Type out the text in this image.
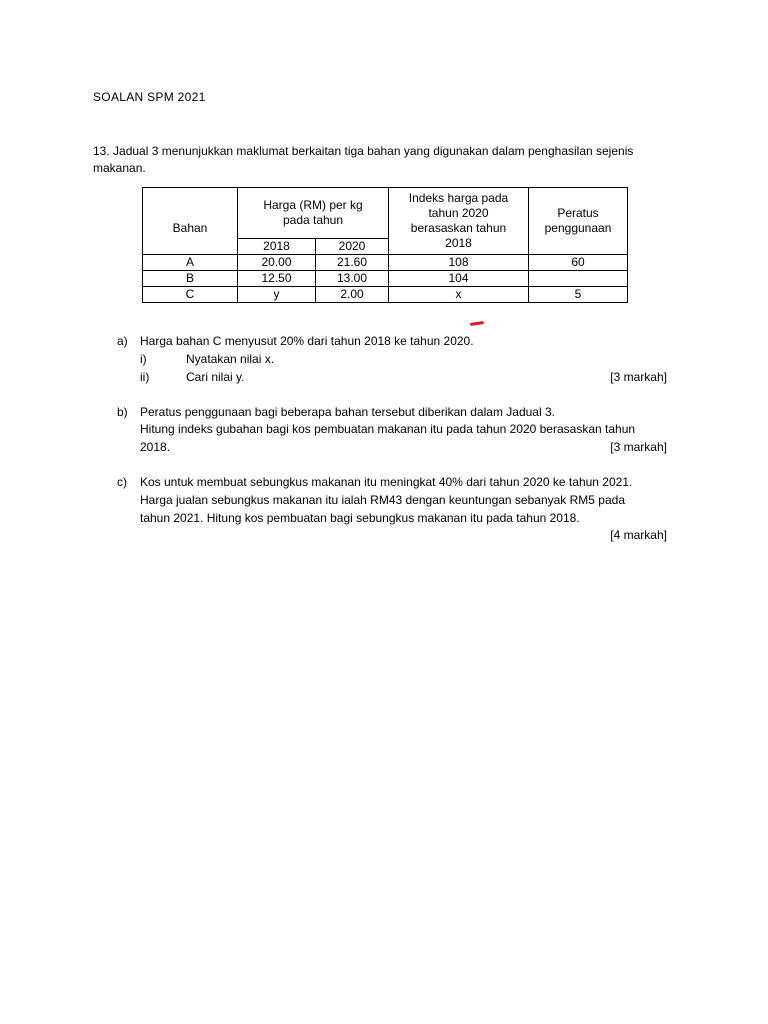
SOALAN SPM 2021
13. Jadual 3 menunjukkan maklumat berkaitan tiga bahan yang digunakan dalam penghasilan sejenis
makanan.
Bahan	Harga (RM) per kg pada tahun		Indeks harga pada tahun 2020 berasaskan tahun 2018	Peratus penggunaan
	2018	2020		
A	20.00	21.60	108	60
B	12.50	13.00	104	
C	y	2.00	x	5
a) Harga bahan C menyusut 20% dari tahun 2018 ke tahun 2020.
i)	Nyatakan nilai x.
ii)	Cari nilai y.	[3 markah]
b) Peratus penggunaan bagi beberapa bahan tersebut diberikan dalam Jadual 3.
Hitung indeks gubahan bagi kos pembuatan makanan itu pada tahun 2020 berasaskan tahun
2018.	[3 markah]
c) Kos untuk membuat sebungkus makanan itu meningkat 40% dari tahun 2020 ke tahun 2021.
Harga jualan sebungkus makanan itu ialah RM43 dengan keuntungan sebanyak RM5 pada
tahun 2021. Hitung kos pembuatan bagi sebungkus makanan itu pada tahun 2018.
[4 markah]
